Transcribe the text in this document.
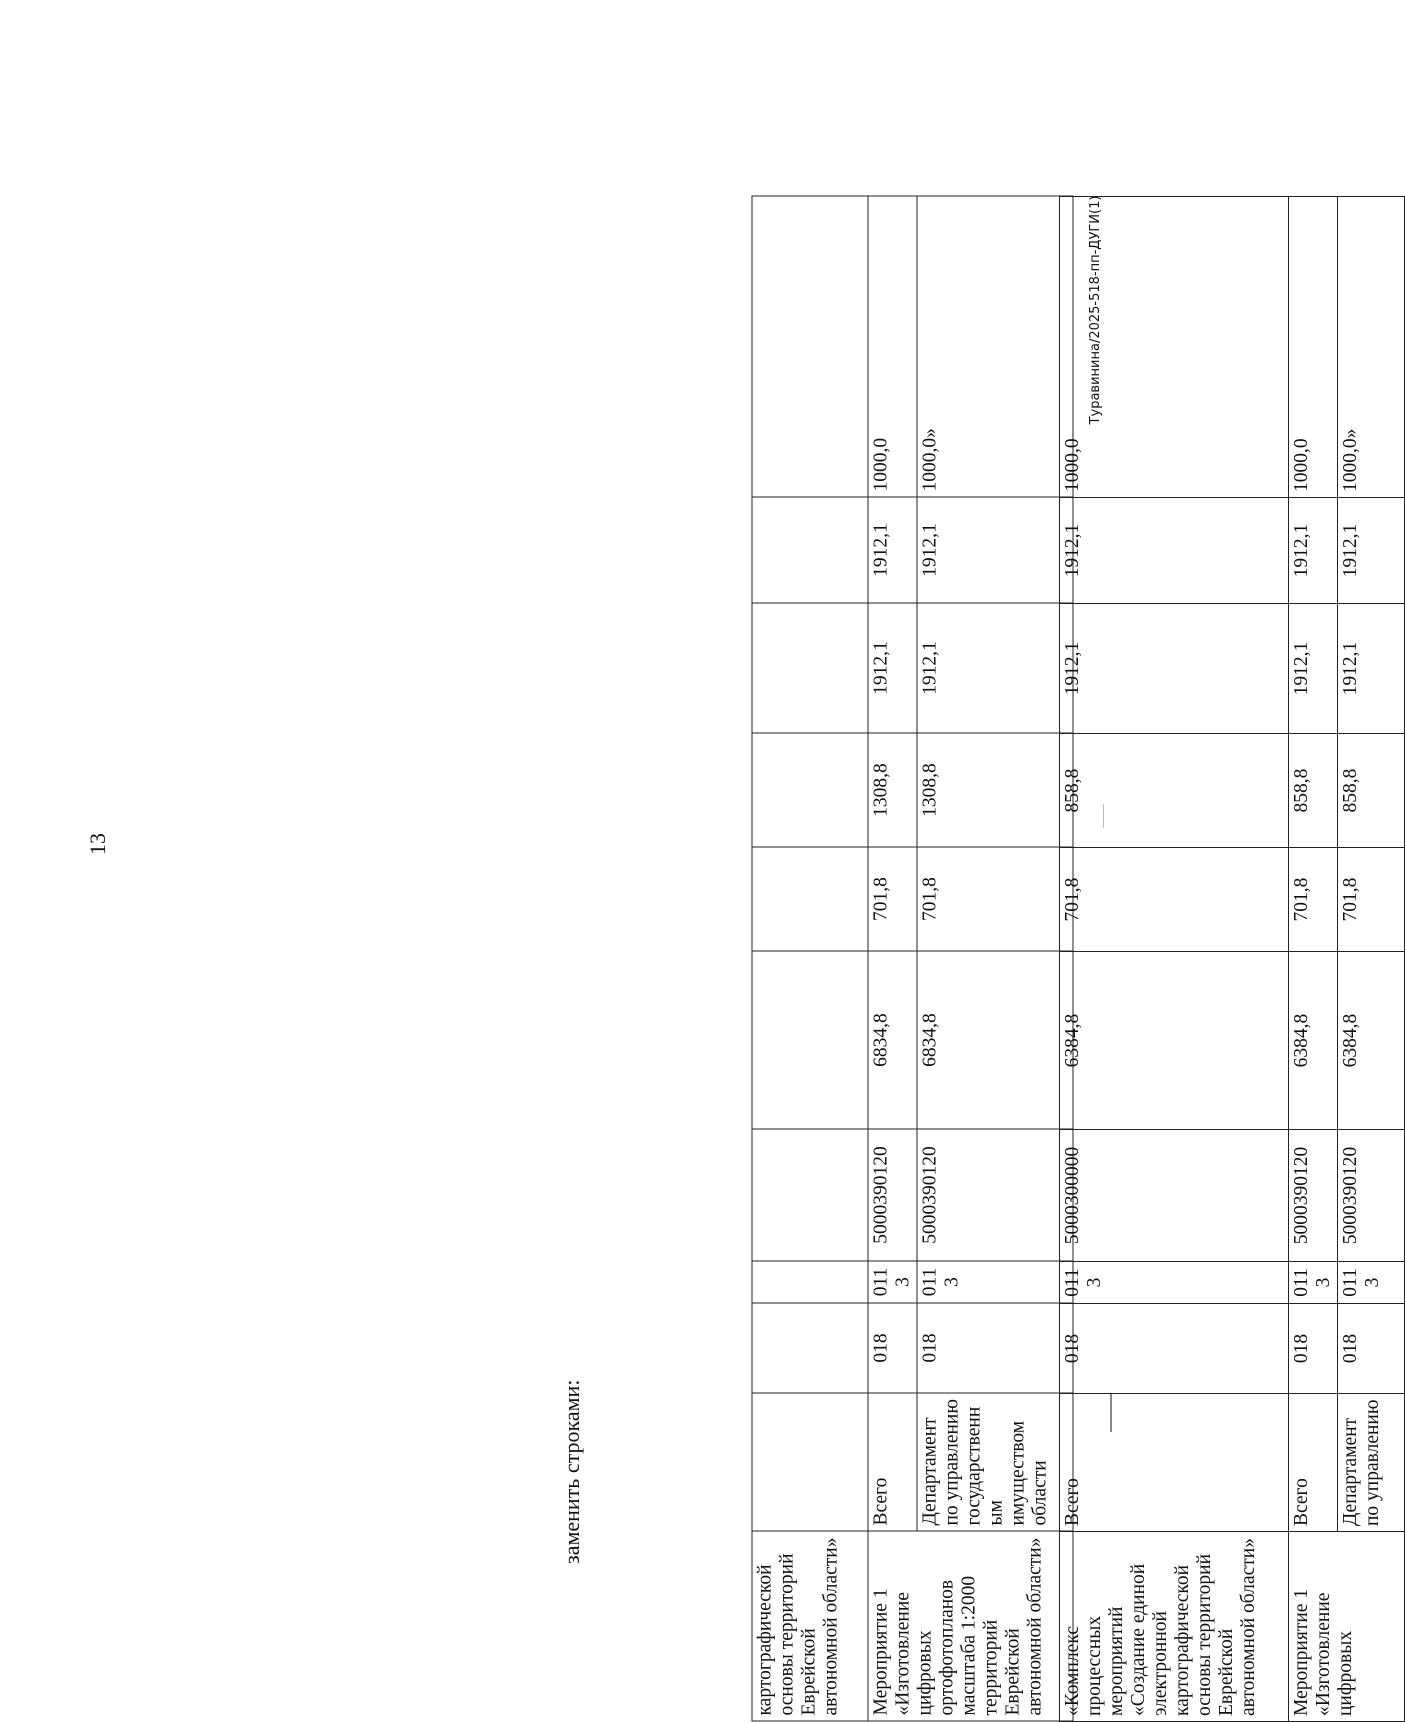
13
картографической основы территорий Еврейской автономной области»										
Мероприятие 1 «Изготовление цифровых ортофотопланов масштаба 1:2000 территорий Еврейской автономной области»	Всего	018	0113	5000390120	6834,8	701,8	1308,8	1912,1	1912,1	1000,0
	Департамент по управлению государственным имуществом области	018	0113	5000390120	6834,8	701,8	1308,8	1912,1	1912,1	1000,0»
заменить строками:
«Комплекс процессных мероприятий «Создание единой электронной картографической основы территорий Еврейской автономной области»	Всего	018	0113	5000300000	6384,8	701,8	858,8	1912,1	1912,1	1000,0
Мероприятие 1 «Изготовление цифровых	Всего	018	0113	5000390120	6384,8	701,8	858,8	1912,1	1912,1	1000,0
	Департамент по управлению	018	0113	5000390120	6384,8	701,8	858,8	1912,1	1912,1	1000,0»
Туравинина/2025-518-пп-ДУГИ(1)
